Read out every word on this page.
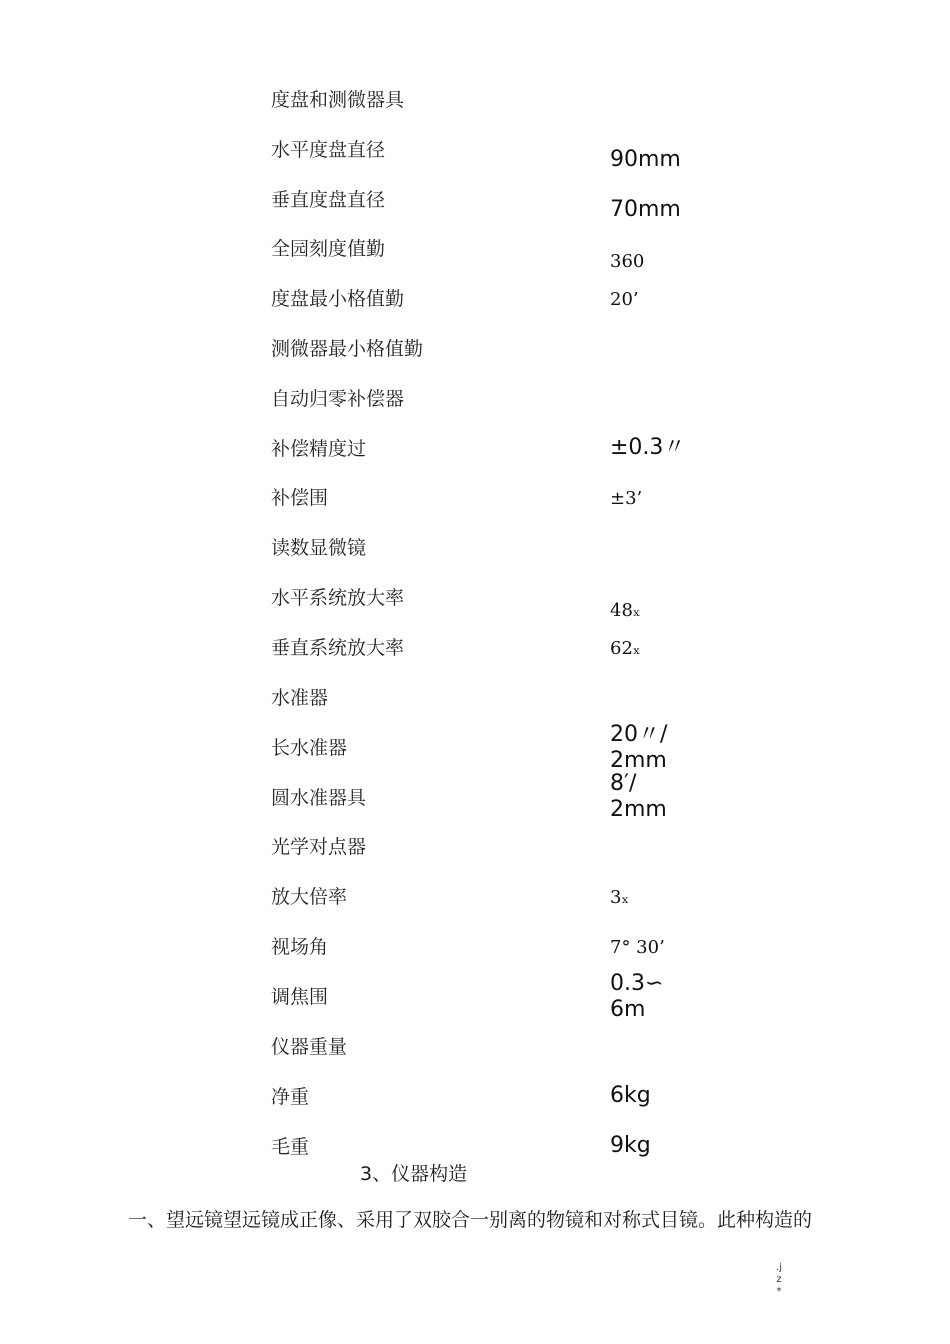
度盘和测微器具
水平度盘直径
垂直度盘直径
全园刻度值勤
度盘最小格值勤
测微器最小格值勤
自动归零补偿器
补偿精度过
补偿围
读数显微镜
水平系统放大率
垂直系统放大率
水准器
长水准器
圆水准器具
光学对点器
放大倍率
视场角
调焦围
仪器重量
净重
毛重
90mm
70mm
360
20’
±0.3〃
±3’
48ₓ
62ₓ
20〃/
2mm
8′/
2mm
3ₓ
7° 30’
0.3∽
6m
6kg
9kg
3、仪器构造
一、望远镜望远镜成正像、采用了双胶合一别离的物镜和对称式目镜。此种构造的
.j
z
*
